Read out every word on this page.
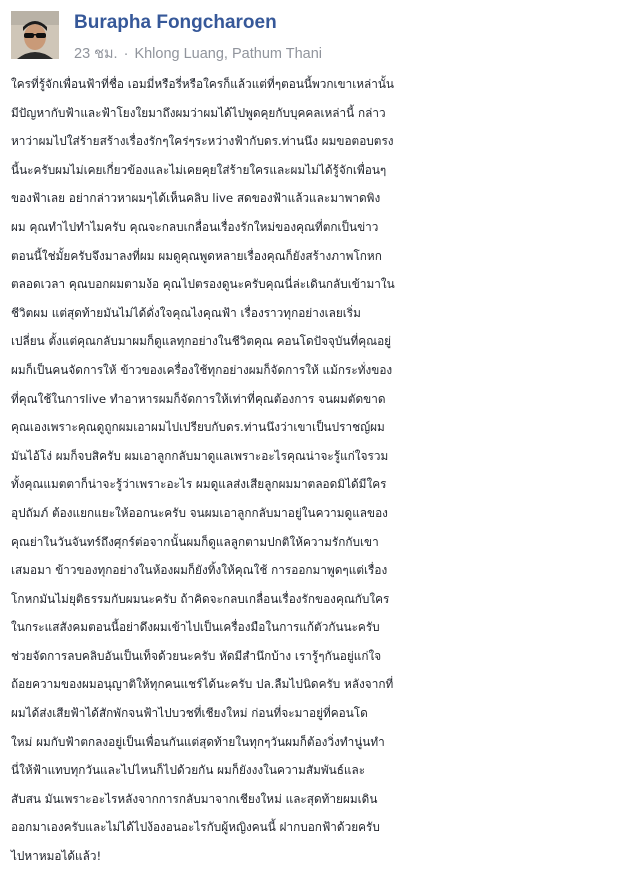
Burapha Fongcharoen
23 ชม. · Khlong Luang, Pathum Thani
ใครที่รู้จักเพื่อนฟ้าที่ชื่อ เอมมี่หรือรี่หรือใครก็แล้วแต่ที่ๆตอนนี้พวกเขาเหล่านั้น
มีปัญหากับฟ้าและฟ้าโยงใยมาถึงผมว่าผมได้ไปพูดคุยกับบุคคลเหล่านี้ กล่าว
หาว่าผมไปใส่ร้ายสร้างเรื่องรักๆใคร่ๆระหว่างฟ้ากับดร.ท่านนึง ผมขอตอบตรง
นี้นะครับผมไม่เคยเกี่ยวข้องและไม่เคยคุยใส่ร้ายใครและผมไม่ได้รู้จักเพื่อนๆ
ของฟ้าเลย อย่ากล่าวหาผมๆได้เห็นคลิบ live สดของฟ้าแล้วและมาพาดพิง
ผม คุณทำไปทำไมครับ คุณจะกลบเกลื่อนเรื่องรักใหม่ของคุณที่ตกเป็นข่าว
ตอนนี้ใช่มั้ยครับจึงมาลงที่ผม ผมดูคุณพูดหลายเรื่องคุณก็ยังสร้างภาพโกหก
ตลอดเวลา คุณบอกผมตามง้อ คุณไปตรองดูนะครับคุณนี่ล่ะเดินกลับเข้ามาใน
ชีวิตผม แต่สุดท้ายมันไม่ได้ดั่งใจคุณไงคุณฟ้า เรื่องราวทุกอย่างเลยเริ่ม
เปลี่ยน ตั้งแต่คุณกลับมาผมก็ดูแลทุกอย่างในชีวิตคุณ คอนโดปัจจุบันที่คุณอยู่
ผมก็เป็นคนจัดการให้ ข้าวของเครื่องใช้ทุกอย่างผมก็จัดการให้ แม้กระทั่งของ
ที่คุณใช้ในการlive ทำอาหารผมก็จัดการให้เท่าที่คุณต้องการ จนผมตัดขาด
คุณเองเพราะคุณดูถูกผมเอาผมไปเปรียบกับดร.ท่านนึงว่าเขาเป็นปราชญ์ผม
มันไอ้โง่ ผมก็จบสิครับ ผมเอาลูกกลับมาดูแลเพราะอะไรคุณน่าจะรู้แก่ใจรวม
ทั้งคุณแมตตาก็น่าจะรู้ว่าเพราะอะไร ผมดูแลส่งเสียลูกผมมาตลอดมิได้มีใคร
อุปถัมภ์ ต้องแยกแยะให้ออกนะครับ จนผมเอาลูกกลับมาอยู่ในความดูแลของ
คุณย่าในวันจันทร์ถึงศุกร์ต่อจากนั้นผมก็ดูแลลูกตามปกติให้ความรักกับเขา
เสมอมา ข้าวของทุกอย่างในห้องผมก็ยังทิ้งให้คุณใช้ การออกมาพูดๆแต่เรื่อง
โกหกมันไม่ยุติธรรมกับผมนะครับ ถ้าคิดจะกลบเกลื่อนเรื่องรักของคุณกับใคร
ในกระแสสังคมตอนนี้อย่าดึงผมเข้าไปเป็นเครื่องมือในการแก้ตัวกันนะครับ
ช่วยจัดการลบคลิบอันเป็นเท็จด้วยนะครับ หัดมีสำนึกบ้าง เรารู้ๆกันอยู่แก่ใจ
ถ้อยความของผมอนุญาติให้ทุกคนแชร์ได้นะครับ ปล.ลืมไปนิดครับ หลังจากที่
ผมได้ส่งเสียฟ้าได้สักพักจนฟ้าไปบวชที่เชียงใหม่ ก่อนที่จะมาอยู่ที่คอนโด
ใหม่ ผมกับฟ้าตกลงอยู่เป็นเพื่อนกันแต่สุดท้ายในทุกๆวันผมก็ต้องวิ่งทำนู่นทำ
นี่ให้ฟ้าแทบทุกวันและไปไหนก็ไปด้วยกัน ผมก็ยังงงในความสัมพันธ์และ
สับสน มันเพราะอะไรหลังจากการกลับมาจากเชียงใหม่ และสุดท้ายผมเดิน
ออกมาเองครับและไม่ได้ไปง้องอนอะไรกับผู้หญิงคนนี้ ฝากบอกฟ้าด้วยครับ
ไปหาหมอได้แล้ว!
